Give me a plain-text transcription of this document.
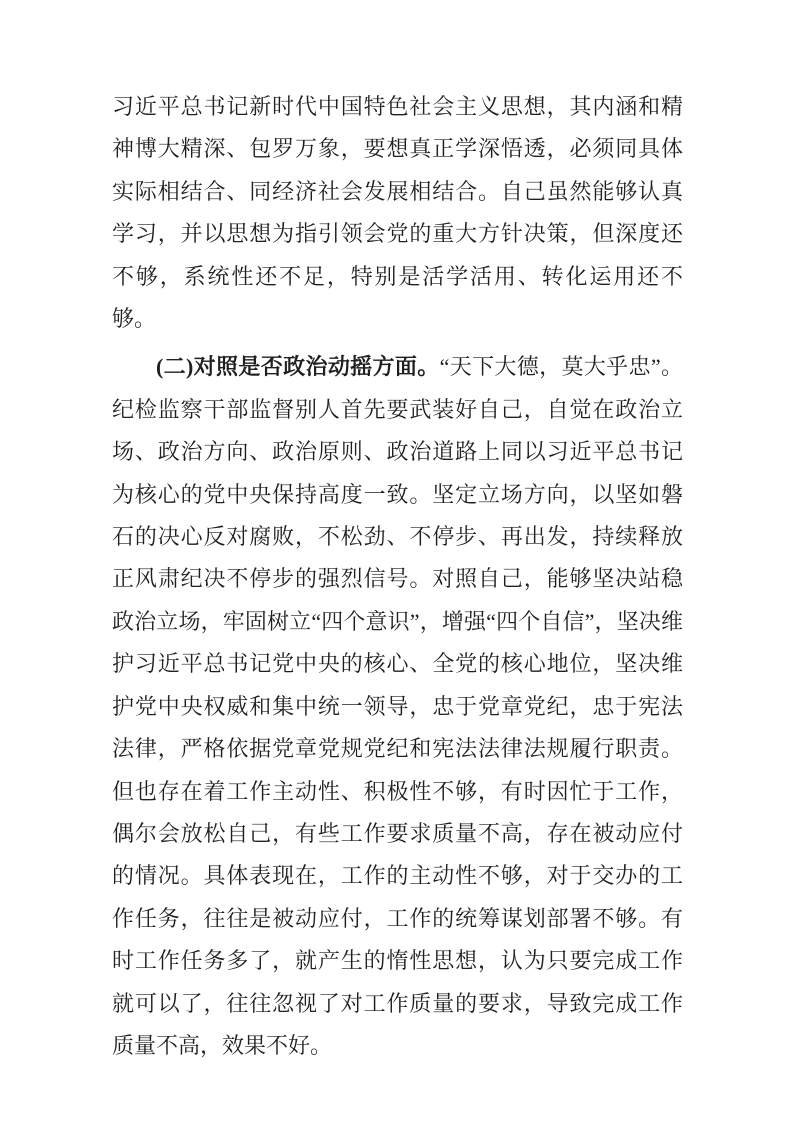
习近平总书记新时代中国特色社会主义思想，其内涵和精神博大精深、包罗万象，要想真正学深悟透，必须同具体实际相结合、同经济社会发展相结合。自己虽然能够认真学习，并以思想为指引领会党的重大方针决策，但深度还不够，系统性还不足，特别是活学活用、转化运用还不够。

(二)对照是否政治动摇方面。“天下大德，莫大乎忠”。纪检监察干部监督别人首先要武装好自己，自觉在政治立场、政治方向、政治原则、政治道路上同以习近平总书记为核心的党中央保持高度一致。坚定立场方向，以坚如磐石的决心反对腐败，不松劲、不停步、再出发，持续释放正风肃纪决不停步的强烈信号。对照自己，能够坚决站稳政治立场，牢固树立“四个意识”，增强“四个自信”，坚决维护习近平总书记党中央的核心、全党的核心地位，坚决维护党中央权威和集中统一领导，忠于党章党纪，忠于宪法法律，严格依据党章党规党纪和宪法法律法规履行职责。但也存在着工作主动性、积极性不够，有时因忙于工作，偶尔会放松自己，有些工作要求质量不高，存在被动应付的情况。具体表现在，工作的主动性不够，对于交办的工作任务，往往是被动应付，工作的统筹谋划部署不够。有时工作任务多了，就产生的惰性思想，认为只要完成工作就可以了，往往忽视了对工作质量的要求，导致完成工作质量不高，效果不好。
